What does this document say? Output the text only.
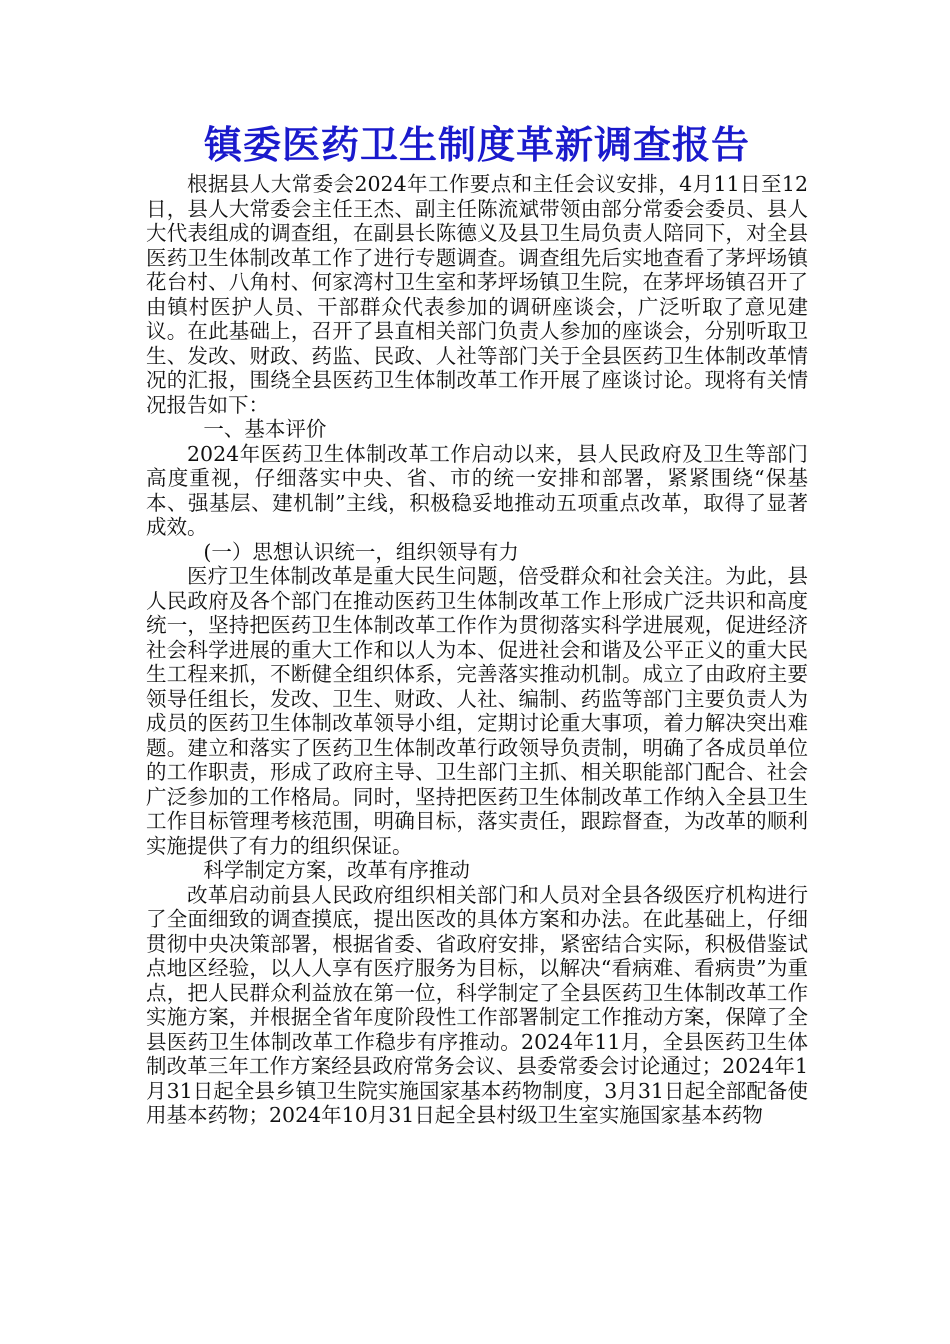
镇委医药卫生制度革新调查报告

根据县人大常委会2024年工作要点和主任会议安排，4月11日至12日，县人大常委会主任王杰、副主任陈流斌带领由部分常委会委员、县人大代表组成的调查组，在副县长陈德义及县卫生局负责人陪同下，对全县医药卫生体制改革工作了进行专题调查。调查组先后实地查看了茅坪场镇花台村、八角村、何家湾村卫生室和茅坪场镇卫生院，在茅坪场镇召开了由镇村医护人员、干部群众代表参加的调研座谈会，广泛听取了意见建议。在此基础上，召开了县直相关部门负责人参加的座谈会，分别听取卫生、发改、财政、药监、民政、人社等部门关于全县医药卫生体制改革情况的汇报，围绕全县医药卫生体制改革工作开展了座谈讨论。现将有关情况报告如下：

一、基本评价

2024年医药卫生体制改革工作启动以来，县人民政府及卫生等部门高度重视，仔细落实中央、省、市的统一安排和部署，紧紧围绕“保基本、强基层、建机制”主线，积极稳妥地推动五项重点改革，取得了显著成效。

(一）思想认识统一，组织领导有力

医疗卫生体制改革是重大民生问题，倍受群众和社会关注。为此，县人民政府及各个部门在推动医药卫生体制改革工作上形成广泛共识和高度统一，坚持把医药卫生体制改革工作作为贯彻落实科学进展观，促进经济社会科学进展的重大工作和以人为本、促进社会和谐及公平正义的重大民生工程来抓，不断健全组织体系，完善落实推动机制。成立了由政府主要领导任组长，发改、卫生、财政、人社、编制、药监等部门主要负责人为成员的医药卫生体制改革领导小组，定期讨论重大事项，着力解决突出难题。建立和落实了医药卫生体制改革行政领导负责制，明确了各成员单位的工作职责，形成了政府主导、卫生部门主抓、相关职能部门配合、社会广泛参加的工作格局。同时，坚持把医药卫生体制改革工作纳入全县卫生工作目标管理考核范围，明确目标，落实责任，跟踪督查，为改革的顺利实施提供了有力的组织保证。

科学制定方案，改革有序推动

改革启动前县人民政府组织相关部门和人员对全县各级医疗机构进行了全面细致的调查摸底，提出医改的具体方案和办法。在此基础上，仔细贯彻中央决策部署，根据省委、省政府安排，紧密结合实际，积极借鉴试点地区经验，以人人享有医疗服务为目标，以解决“看病难、看病贵”为重点，把人民群众利益放在第一位，科学制定了全县医药卫生体制改革工作实施方案，并根据全省年度阶段性工作部署制定工作推动方案，保障了全县医药卫生体制改革工作稳步有序推动。2024年11月，全县医药卫生体制改革三年工作方案经县政府常务会议、县委常委会讨论通过；2024年1月31日起全县乡镇卫生院实施国家基本药物制度，3月31日起全部配备使用基本药物；2024年10月31日起全县村级卫生室实施国家基本药物
